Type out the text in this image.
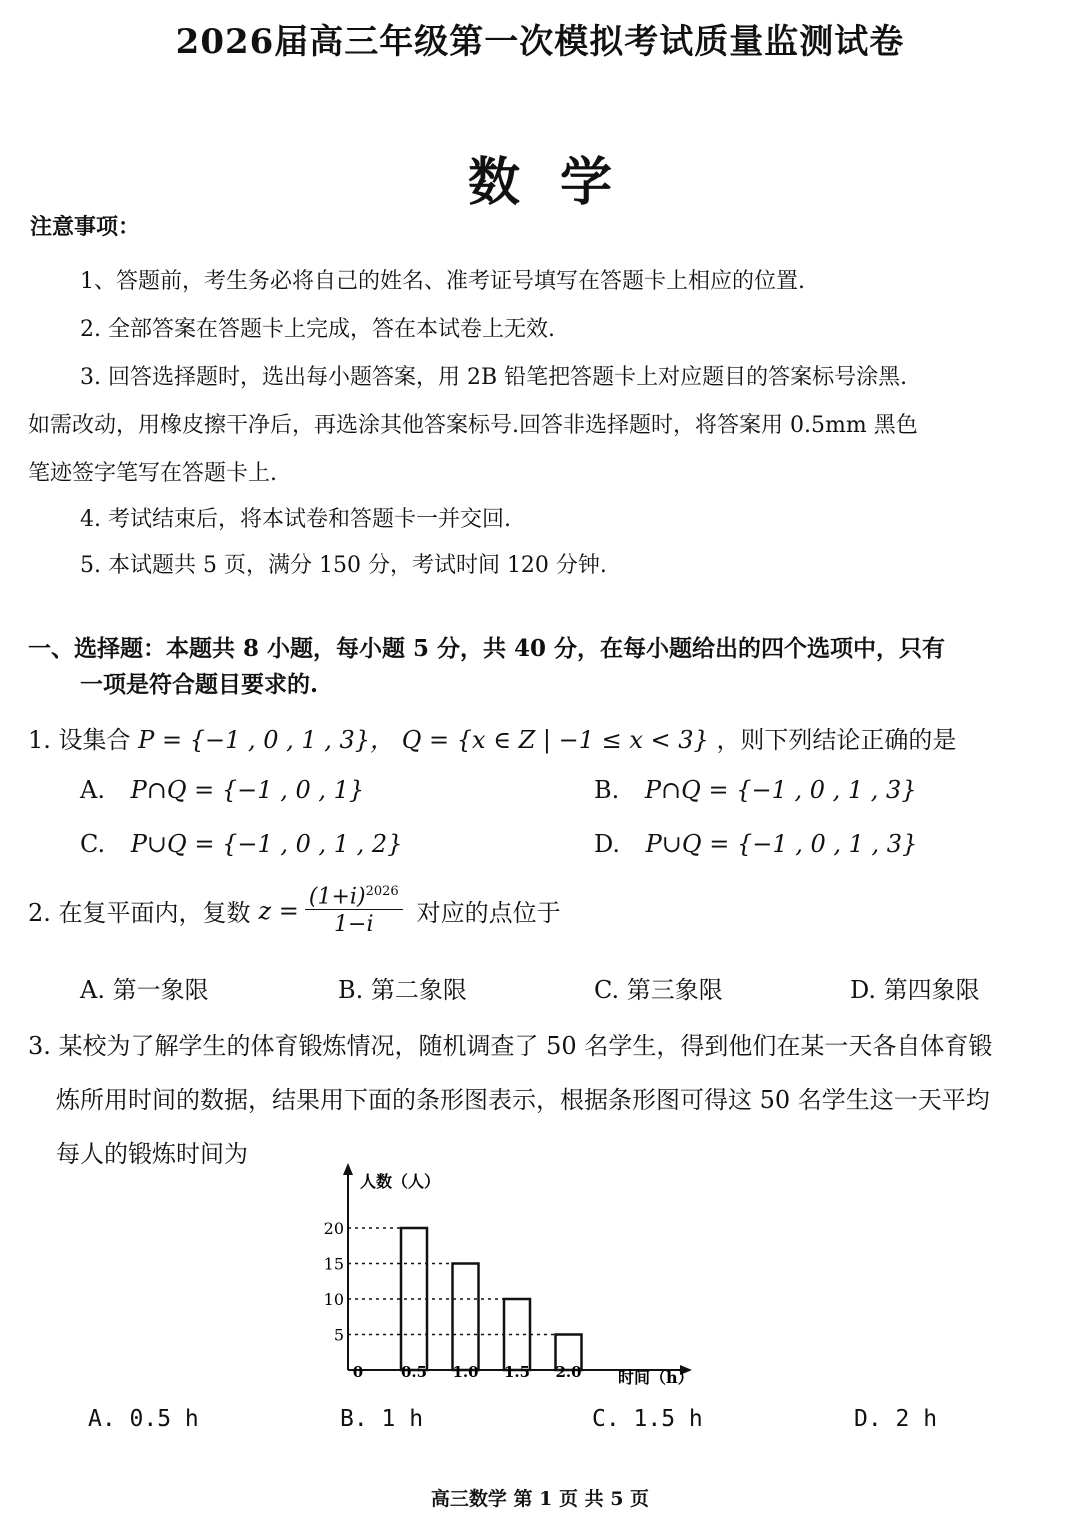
2026届高三年级第一次模拟考试质量监测试卷
数学
注意事项：
1、答题前，考生务必将自己的姓名、准考证号填写在答题卡上相应的位置.
2. 全部答案在答题卡上完成，答在本试卷上无效.
3. 回答选择题时，选出每小题答案，用 2B 铅笔把答题卡上对应题目的答案标号涂黑.
如需改动，用橡皮擦干净后，再选涂其他答案标号.回答非选择题时，将答案用 0.5mm 黑色
笔迹签字笔写在答题卡上.
4. 考试结束后，将本试卷和答题卡一并交回.
5. 本试题共 5 页，满分 150 分，考试时间 120 分钟.
一、选择题：本题共 8 小题，每小题 5 分，共 40 分，在每小题给出的四个选项中，只有
一项是符合题目要求的.
1. 设集合 P = {−1 , 0 , 1 , 3}， Q = {x ∈ Z | −1 ≤ x < 3} ，则下列结论正确的是
A. P∩Q = {−1 , 0 , 1}	B. P∩Q = {−1 , 0 , 1 , 3}
C. P∪Q = {−1 , 0 , 1 , 2}	D. P∪Q = {−1 , 0 , 1 , 3}
2. 在复平面内，复数 $z = \frac{(1+i)^{2026}}{1-i}$ 对应的点位于
A. 第一象限	B. 第二象限	C. 第三象限	D. 第四象限
3. 某校为了解学生的体育锻炼情况，随机调查了 50 名学生，得到他们在某一天各自体育锻
炼所用时间的数据，结果用下面的条形图表示，根据条形图可得这 50 名学生这一天平均
每人的锻炼时间为
人数（人）
时间（h）
0
5
10
15
20
0.5 1.0 1.5 2.0
A. 0.5 h	B. 1 h	C. 1.5 h	D. 2 h
高三数学 第 1 页 共 5 页
